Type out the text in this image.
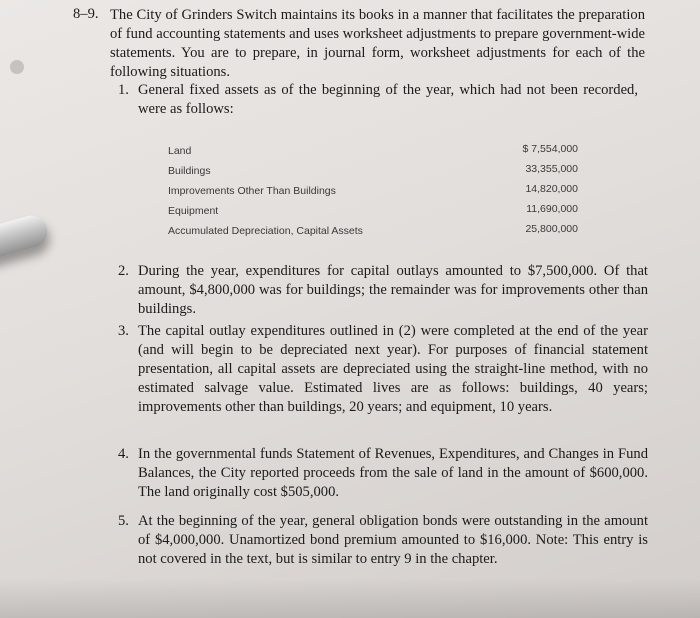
8–9. The City of Grinders Switch maintains its books in a manner that facilitates the preparation of fund accounting statements and uses worksheet adjustments to prepare government-wide statements. You are to prepare, in journal form, worksheet adjustments for each of the following situations.
1. General fixed assets as of the beginning of the year, which had not been recorded, were as follows:
Land	$ 7,554,000
Buildings	33,355,000
Improvements Other Than Buildings	14,820,000
Equipment	11,690,000
Accumulated Depreciation, Capital Assets	25,800,000
2. During the year, expenditures for capital outlays amounted to $7,500,000. Of that amount, $4,800,000 was for buildings; the remainder was for improvements other than buildings.
3. The capital outlay expenditures outlined in (2) were completed at the end of the year (and will begin to be depreciated next year). For purposes of financial statement presentation, all capital assets are depreciated using the straight-line method, with no estimated salvage value. Estimated lives are as follows: buildings, 40 years; improvements other than buildings, 20 years; and equipment, 10 years.
4. In the governmental funds Statement of Revenues, Expenditures, and Changes in Fund Balances, the City reported proceeds from the sale of land in the amount of $600,000. The land originally cost $505,000.
5. At the beginning of the year, general obligation bonds were outstanding in the amount of $4,000,000. Unamortized bond premium amounted to $16,000. Note: This entry is not covered in the text, but is similar to entry 9 in the chapter.
